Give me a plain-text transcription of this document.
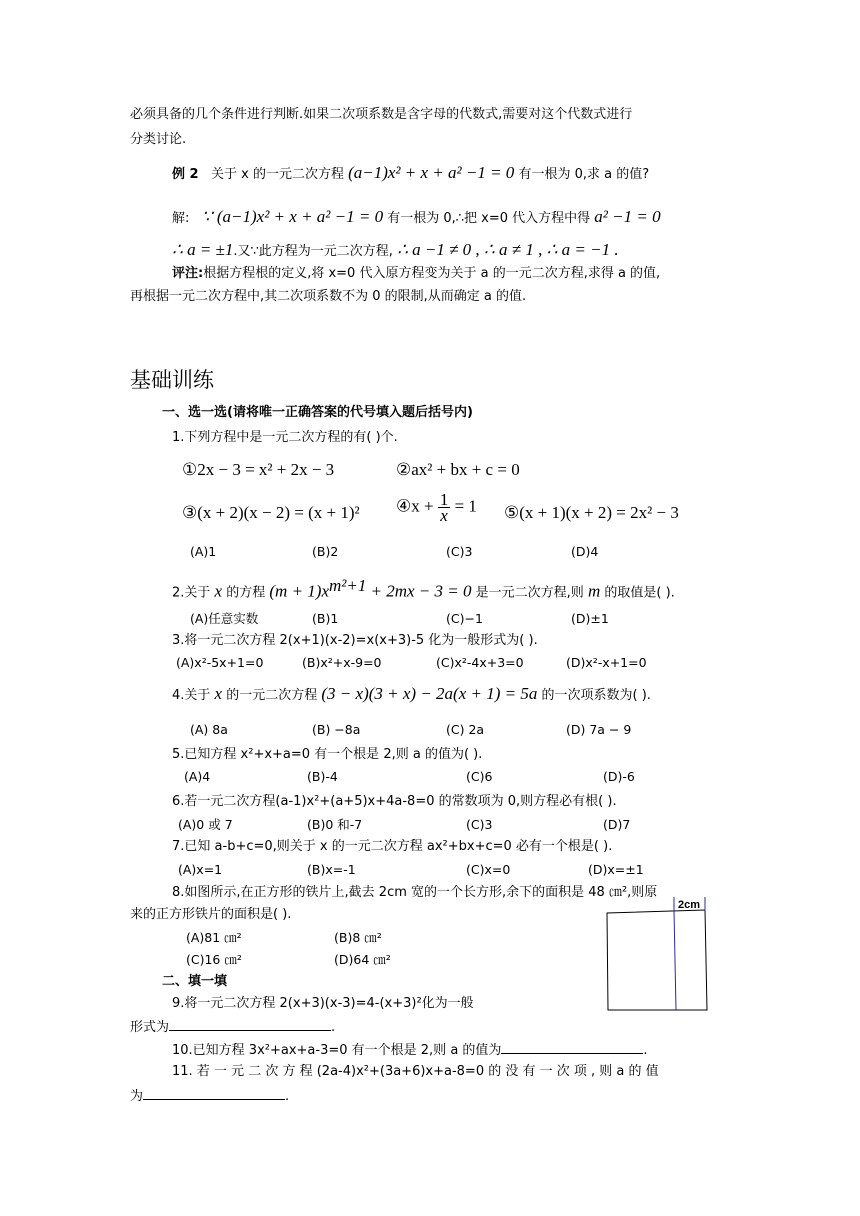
必须具备的几个条件进行判断.如果二次项系数是含字母的代数式,需要对这个代数式进行
分类讨论.
例 2 关于 x 的一元二次方程 (a−1)x² + x + a² −1 = 0 有一根为 0,求 a 的值?
解: ∵ (a−1)x² + x + a² −1 = 0 有一根为 0,∴把 x=0 代入方程中得 a² −1 = 0
∴ a = ±1.又∵此方程为一元二次方程, ∴ a −1 ≠ 0 , ∴ a ≠ 1 , ∴ a = −1 .
评注:根据方程根的定义,将 x=0 代入原方程变为关于 a 的一元二次方程,求得 a 的值,
再根据一元二次方程中,其二次项系数不为 0 的限制,从而确定 a 的值.
基础训练
一、选一选(请将唯一正确答案的代号填入题后括号内)
1.下列方程中是一元二次方程的有( )个.
①2x − 3 = x² + 2x − 3	②ax² + bx + c = 0
③(x + 2)(x − 2) = (x + 1)² ④x + $\frac{1}{x} = 1$ ⑤(x + 1)(x + 2) = 2x² − 3
(A)1	(B)2	(C)3	(D)4
2.关于 x 的方程 $(m + 1)x^{m^2+1} + 2mx - 3 = 0$ 是一元二次方程,则 m 的取值是( ).
(A)任意实数	(B)1	(C)−1	(D)±1
3.将一元二次方程 2(x+1)(x-2)=x(x+3)-5 化为一般形式为( ).
(A)x²-5x+1=0	(B)x²+x-9=0	(C)x²-4x+3=0	(D)x²-x+1=0
4.关于 x 的一元二次方程 (3 − x)(3 + x) − 2a(x + 1) = 5a 的一次项系数为( ).
(A) 8a	(B) −8a	(C) 2a	(D) 7a − 9
5.已知方程 x²+x+a=0 有一个根是 2,则 a 的值为( ).
(A)4	(B)-4	(C)6	(D)-6
6.若一元二次方程(a-1)x²+(a+5)x+4a-8=0 的常数项为 0,则方程必有根( ).
(A)0 或 7	(B)0 和-7	(C)3	(D)7
7.已知 a-b+c=0,则关于 x 的一元二次方程 ax²+bx+c=0 必有一个根是( ).
(A)x=1	(B)x=-1	(C)x=0	(D)x=±1
8.如图所示,在正方形的铁片上,截去 2cm 宽的一个长方形,余下的面积是 48 ㎝²,则原
来的正方形铁片的面积是( ).
(A)81 ㎝²	(B)8 ㎝²
(C)16 ㎝²	(D)64 ㎝²
2cm
二、填一填
9.将一元二次方程 2(x+3)(x-3)=4-(x+3)²化为一般
形式为	.
10.已知方程 3x²+ax+a-3=0 有一个根是 2,则 a 的值为	.
11. 若 一 元 二 次 方 程 (2a-4)x²+(3a+6)x+a-8=0 的 没 有 一 次 项 , 则 a 的 值
为	.
